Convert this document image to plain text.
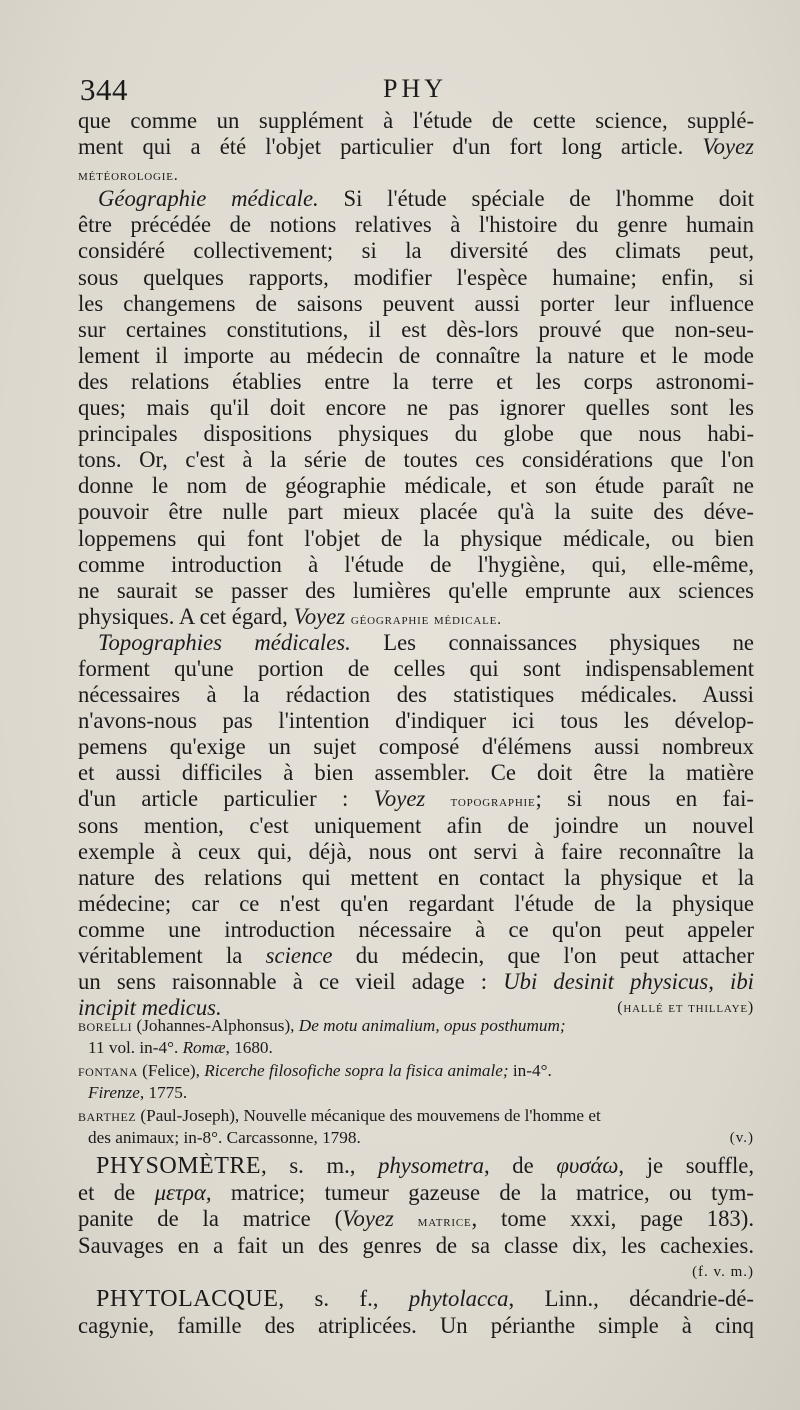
344	PHY
que comme un supplément à l'étude de cette science, supplé-
ment qui a été l'objet particulier d'un fort long article. Voyez
météorologie.
Géographie médicale. Si l'étude spéciale de l'homme doit
être précédée de notions relatives à l'histoire du genre humain
considéré collectivement; si la diversité des climats peut,
sous quelques rapports, modifier l'espèce humaine; enfin, si
les changemens de saisons peuvent aussi porter leur influence
sur certaines constitutions, il est dès-lors prouvé que non-seu-
lement il importe au médecin de connaître la nature et le mode
des relations établies entre la terre et les corps astronomi-
ques; mais qu'il doit encore ne pas ignorer quelles sont les
principales dispositions physiques du globe que nous habi-
tons. Or, c'est à la série de toutes ces considérations que l'on
donne le nom de géographie médicale, et son étude paraît ne
pouvoir être nulle part mieux placée qu'à la suite des déve-
loppemens qui font l'objet de la physique médicale, ou bien
comme introduction à l'étude de l'hygiène, qui, elle-même,
ne saurait se passer des lumières qu'elle emprunte aux sciences
physiques. A cet égard, Voyez géographie médicale.
Topographies médicales. Les connaissances physiques ne
forment qu'une portion de celles qui sont indispensablement
nécessaires à la rédaction des statistiques médicales. Aussi
n'avons-nous pas l'intention d'indiquer ici tous les dévelop-
pemens qu'exige un sujet composé d'élémens aussi nombreux
et aussi difficiles à bien assembler. Ce doit être la matière
d'un article particulier : Voyez topographie; si nous en fai-
sons mention, c'est uniquement afin de joindre un nouvel
exemple à ceux qui, déjà, nous ont servi à faire reconnaître la
nature des relations qui mettent en contact la physique et la
médecine; car ce n'est qu'en regardant l'étude de la physique
comme une introduction nécessaire à ce qu'on peut appeler
véritablement la science du médecin, que l'on peut attacher
un sens raisonnable à ce vieil adage : Ubi desinit physicus, ibi
incipit medicus.	(hallé et thillaye)
borelli (Johannes-Alphonsus), De motu animalium, opus posthumum;
11 vol. in-4°. Romæ, 1680.
fontana (Felice), Ricerche filosofiche sopra la fisica animale; in-4°.
Firenze, 1775.
barthez (Paul-Joseph), Nouvelle mécanique des mouvemens de l'homme et
des animaux; in-8°. Carcassonne, 1798.	(v.)
PHYSOMÈTRE, s. m., physometra, de φυσάω, je souffle,
et de μετρα, matrice; tumeur gazeuse de la matrice, ou tym-
panite de la matrice (Voyez matrice, tome xxxi, page 183).
Sauvages en a fait un des genres de sa classe dix, les cachexies.
(f. v. m.)
PHYTOLACQUE, s. f., phytolacca, Linn., décandrie-dé-
cagynie, famille des atriplicées. Un périanthe simple à cinq
